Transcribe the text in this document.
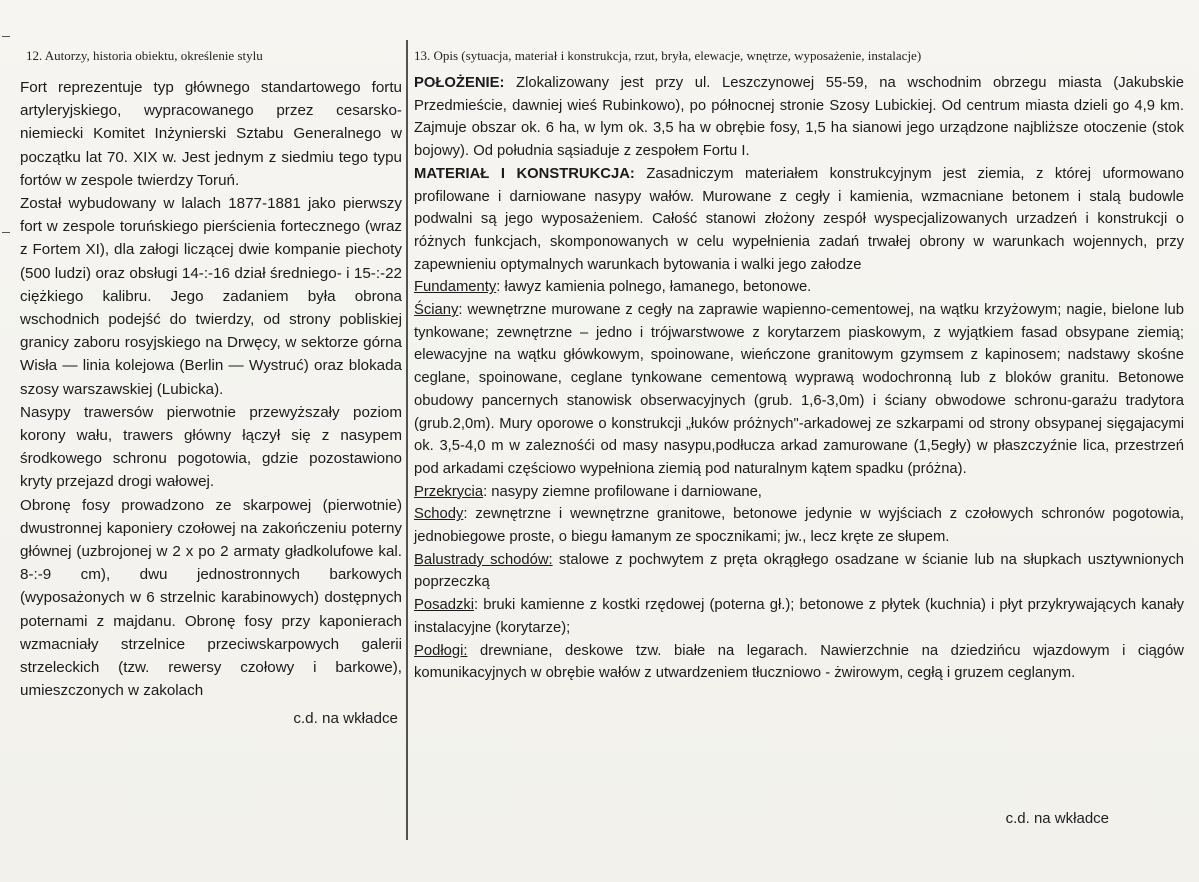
12. Autorzy, historia obiektu, określenie stylu

Fort reprezentuje typ głównego standartowego fortu artyleryjskiego, wypracowanego przez cesarsko-niemiecki Komitet Inżynierski Sztabu Generalnego w początku lat 70. XIX w. Jest jednym z siedmiu tego typu fortów w zespole twierdzy Toruń.

Został wybudowany w lalach 1877-1881 jako pierwszy fort w zespole toruńskiego pierścienia fortecznego (wraz z Fortem XI), dla załogi liczącej dwie kompanie piechoty (500 ludzi) oraz obsługi 14-:-16 dział średniego- i 15-:-22 ciężkiego kalibru. Jego zadaniem była obrona wschodnich podejść do twierdzy, od strony pobliskiej granicy zaboru rosyjskiego na Drwęcy, w sektorze górna Wisła — linia kolejowa (Berlin — Wystruć) oraz blokada szosy warszawskiej (Lubicka).

Nasypy trawersów pierwotnie przewyższały poziom korony wału, trawers główny łączył się z nasypem środkowego schronu pogotowia, gdzie pozostawiono kryty przejazd drogi wałowej.

Obronę fosy prowadzono ze skarpowej (pierwotnie) dwustronnej kaponiery czołowej na zakończeniu poterny głównej (uzbrojonej w 2 x po 2 armaty gładkolufowe kal. 8-:-9 cm), dwu jednostronnych barkowych (wyposażonych w 6 strzelnic karabinowych) dostępnych poternami z majdanu. Obronę fosy przy kaponierach wzmacniały strzelnice przeciwskarpowych galerii strzeleckich (tzw. rewersy czołowy i barkowe), umieszczonych w zakolach

c.d. na wkładce
13. Opis (sytuacja, materiał i konstrukcja, rzut, bryła, elewacje, wnętrze, wyposażenie, instalacje)

POŁOŻENIE: Zlokalizowany jest przy ul. Leszczynowej 55-59, na wschodnim obrzegu miasta (Jakubskie Przedmieście, dawniej wieś Rubinkowo), po północnej stronie Szosy Lubickiej. Od centrum miasta dzieli go 4,9 km. Zajmuje obszar ok. 6 ha, w lym ok. 3,5 ha w obrębie fosy, 1,5 ha sianowi jego urządzone najbliższe otoczenie (stok bojowy). Od południa sąsiaduje z zespołem Fortu I.

MATERIAŁ I KONSTRUKCJA: Zasadniczym materiałem konstrukcyjnym jest ziemia, z której uformowano profilowane i darniowane nasypy wałów. Murowane z cegły i kamienia, wzmacniane betonem i stalą budowle podwalni są jego wyposażeniem. Całość stanowi złożony zespół wyspecjalizowanych urzadzeń i konstrukcji o różnych funkcjach, skomponowanych w celu wypełnienia zadań trwałej obrony w warunkach wojennych, przy zapewnieniu optymalnych warunkach bytowania i walki jego załodze

Fundamenty: ławyz kamienia polnego, łamanego, betonowe.

Ściany: wewnętrzne murowane z cegły na zaprawie wapienno-cementowej, na wątku krzyżowym; nagie, bielone lub tynkowane; zewnętrzne – jedno i trójwarstwowe z korytarzem piaskowym, z wyjątkiem fasad obsypane ziemią; elewacyjne na wątku główkowym, spoinowane, wieńczone granitowym gzymsem z kapinosem; nadstawy skośne ceglane, spoinowane, ceglane tynkowane cementową wyprawą wodochronną lub z bloków granitu. Betonowe obudowy pancernych stanowisk obserwacyjnych (grub. 1,6-3,0m) i ściany obwodowe schronu-garażu tradytora (grub.2,0m). Mury oporowe o konstrukcji „łuków próżnych"-arkadowej ze szkarpami od strony obsypanej sięgajacymi ok. 3,5-4,0 m w zaleznośći od masy nasypu,podłucza arkad zamurowane (1,5egły) w płaszczyźnie lica, przestrzeń pod arkadami częściowo wypełniona ziemią pod naturalnym kątem spadku (próżna).

Przekrycia: nasypy ziemne profilowane i darniowane,

Schody: zewnętrzne i wewnętrzne granitowe, betonowe jedynie w wyjściach z czołowych schronów pogotowia, jednobiegowe proste, o biegu łamanym ze spocznikami; jw., lecz kręte ze słupem.

Balustrady schodów: stalowe z pochwytem z pręta okrągłego osadzane w ścianie lub na słupkach usztywnionych poprzeczką

Posadzki: bruki kamienne z kostki rzędowej (poterna gł.); betonowe z płytek (kuchnia) i płyt przykrywających kanały instalacyjne (korytarze);

Podłogi: drewniane, deskowe tzw. białe na legarach. Nawierzchnie na dziedzińcu wjazdowym i ciągów komunikacyjnych w obrębie wałów z utwardzeniem tłuczniowo - żwirowym, cegłą i gruzem ceglanym.

c.d. na wkładce
